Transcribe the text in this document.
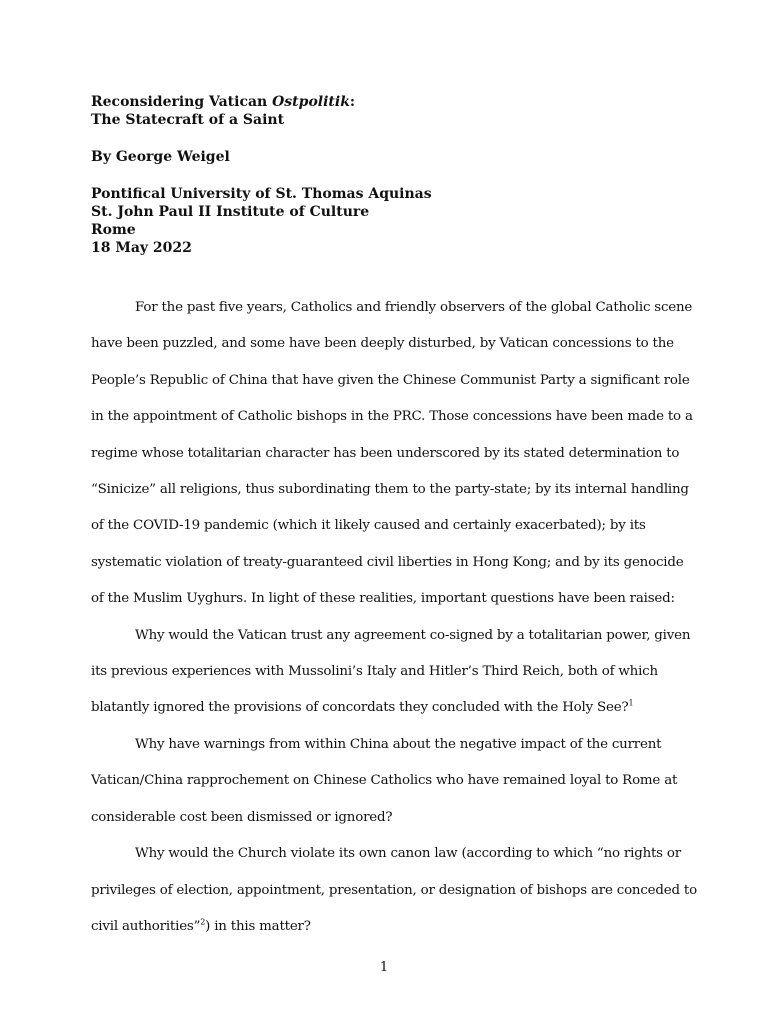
Reconsidering Vatican Ostpolitik:
The Statecraft of a Saint
By George Weigel
Pontifical University of St. Thomas Aquinas
St. John Paul II Institute of Culture
Rome
18 May 2022

For the past five years, Catholics and friendly observers of the global Catholic scene
have been puzzled, and some have been deeply disturbed, by Vatican concessions to the
People’s Republic of China that have given the Chinese Communist Party a significant role
in the appointment of Catholic bishops in the PRC. Those concessions have been made to a
regime whose totalitarian character has been underscored by its stated determination to
“Sinicize” all religions, thus subordinating them to the party-state; by its internal handling
of the COVID-19 pandemic (which it likely caused and certainly exacerbated); by its
systematic violation of treaty-guaranteed civil liberties in Hong Kong; and by its genocide
of the Muslim Uyghurs. In light of these realities, important questions have been raised:

Why would the Vatican trust any agreement co-signed by a totalitarian power, given
its previous experiences with Mussolini’s Italy and Hitler’s Third Reich, both of which
blatantly ignored the provisions of concordats they concluded with the Holy See?$^1$

Why have warnings from within China about the negative impact of the current
Vatican/China rapprochement on Chinese Catholics who have remained loyal to Rome at
considerable cost been dismissed or ignored?

Why would the Church violate its own canon law (according to which “no rights or
privileges of election, appointment, presentation, or designation of bishops are conceded to
civil authorities”$^2$) in this matter?

1
